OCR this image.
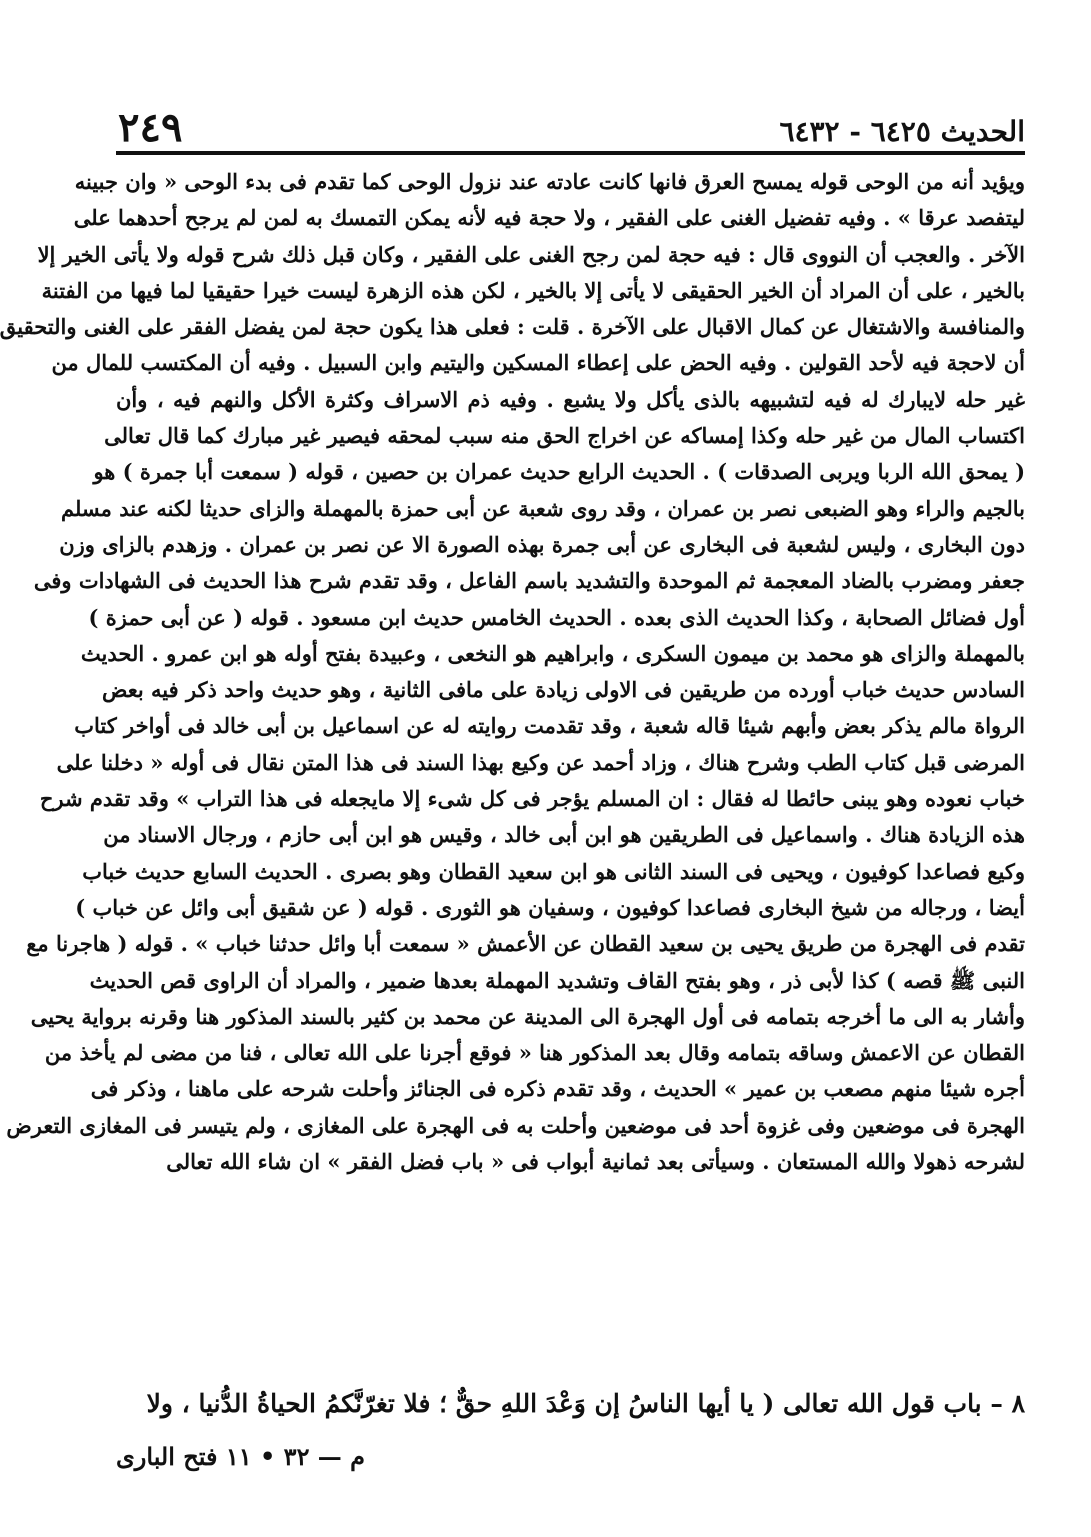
الحديث ٦٤٢٥ - ٦٤٣٢
٢٤٩
ويؤيد أنه من الوحى قوله يمسح العرق فانها كانت عادته عند نزول الوحى كما تقدم فى بدء الوحى « وان جبينه
ليتفصد عرقا » . وفيه تفضيل الغنى على الفقير ، ولا حجة فيه لأنه يمكن التمسك به لمن لم يرجح أحدهما على
الآخر . والعجب أن النووى قال : فيه حجة لمن رجح الغنى على الفقير ، وكان قبل ذلك شرح قوله ولا يأتى الخير إلا
بالخير ، على أن المراد أن الخير الحقيقى لا يأتى إلا بالخير ، لكن هذه الزهرة ليست خيرا حقيقيا لما فيها من الفتنة
والمنافسة والاشتغال عن كمال الاقبال على الآخرة . قلت : فعلى هذا يكون حجة لمن يفضل الفقر على الغنى والتحقيق
أن لاحجة فيه لأحد القولين . وفيه الحض على إعطاء المسكين واليتيم وابن السبيل . وفيه أن المكتسب للمال من
غير حله لايبارك له فيه لتشبيهه بالذى يأكل ولا يشبع . وفيه ذم الاسراف وكثرة الأكل والنهم فيه ، وأن
اكتساب المال من غير حله وكذا إمساكه عن اخراج الحق منه سبب لمحقه فيصير غير مبارك كما قال تعالى
( يمحق الله الربا ويربى الصدقات ) . الحديث الرابع حديث عمران بن حصين ، قوله ( سمعت أبا جمرة ) هو
بالجيم والراء وهو الضبعى نصر بن عمران ، وقد روى شعبة عن أبى حمزة بالمهملة والزاى حديثا لكنه عند مسلم
دون البخارى ، وليس لشعبة فى البخارى عن أبى جمرة بهذه الصورة الا عن نصر بن عمران . وزهدم بالزاى وزن
جعفر ومضرب بالضاد المعجمة ثم الموحدة والتشديد باسم الفاعل ، وقد تقدم شرح هذا الحديث فى الشهادات وفى
أول فضائل الصحابة ، وكذا الحديث الذى بعده . الحديث الخامس حديث ابن مسعود . قوله ( عن أبى حمزة )
بالمهملة والزاى هو محمد بن ميمون السكرى ، وابراهيم هو النخعى ، وعبيدة بفتح أوله هو ابن عمرو . الحديث
السادس حديث خباب أورده من طريقين فى الاولى زيادة على مافى الثانية ، وهو حديث واحد ذكر فيه بعض
الرواة مالم يذكر بعض وأبهم شيئا قاله شعبة ، وقد تقدمت روايته له عن اسماعيل بن أبى خالد فى أواخر كتاب
المرضى قبل كتاب الطب وشرح هناك ، وزاد أحمد عن وكيع بهذا السند فى هذا المتن نقال فى أوله « دخلنا على
خباب نعوده وهو يبنى حائطا له فقال : ان المسلم يؤجر فى كل شىء إلا مايجعله فى هذا التراب » وقد تقدم شرح
هذه الزيادة هناك . واسماعيل فى الطريقين هو ابن أبى خالد ، وقيس هو ابن أبى حازم ، ورجال الاسناد من
وكيع فصاعدا كوفيون ، ويحيى فى السند الثانى هو ابن سعيد القطان وهو بصرى . الحديث السابع حديث خباب
أيضا ، ورجاله من شيخ البخارى فصاعدا كوفيون ، وسفيان هو الثورى . قوله ( عن شقيق أبى وائل عن خباب )
تقدم فى الهجرة من طريق يحيى بن سعيد القطان عن الأعمش « سمعت أبا وائل حدثنا خباب » . قوله ( هاجرنا مع
النبى ﷺ قصه ) كذا لأبى ذر ، وهو بفتح القاف وتشديد المهملة بعدها ضمير ، والمراد أن الراوى قص الحديث
وأشار به الى ما أخرجه بتمامه فى أول الهجرة الى المدينة عن محمد بن كثير بالسند المذكور هنا وقرنه برواية يحيى
القطان عن الاعمش وساقه بتمامه وقال بعد المذكور هنا « فوقع أجرنا على الله تعالى ، فنا من مضى لم يأخذ من
أجره شيئا منهم مصعب بن عمير » الحديث ، وقد تقدم ذكره فى الجنائز وأحلت شرحه على ماهنا ، وذكر فى
الهجرة فى موضعين وفى غزوة أحد فى موضعين وأحلت به فى الهجرة على المغازى ، ولم يتيسر فى المغازى التعرض
لشرحه ذهولا والله المستعان . وسيأتى بعد ثمانية أبواب فى « باب فضل الفقر » ان شاء الله تعالى
٨ – باب قول الله تعالى ( يا أيها الناسُ إن وَعْدَ اللهِ حقٌّ ؛ فلا تغرّنَّكمُ الحياةُ الدُّنيا ، ولا
م — ٣٢ • ١١ فتح البارى
